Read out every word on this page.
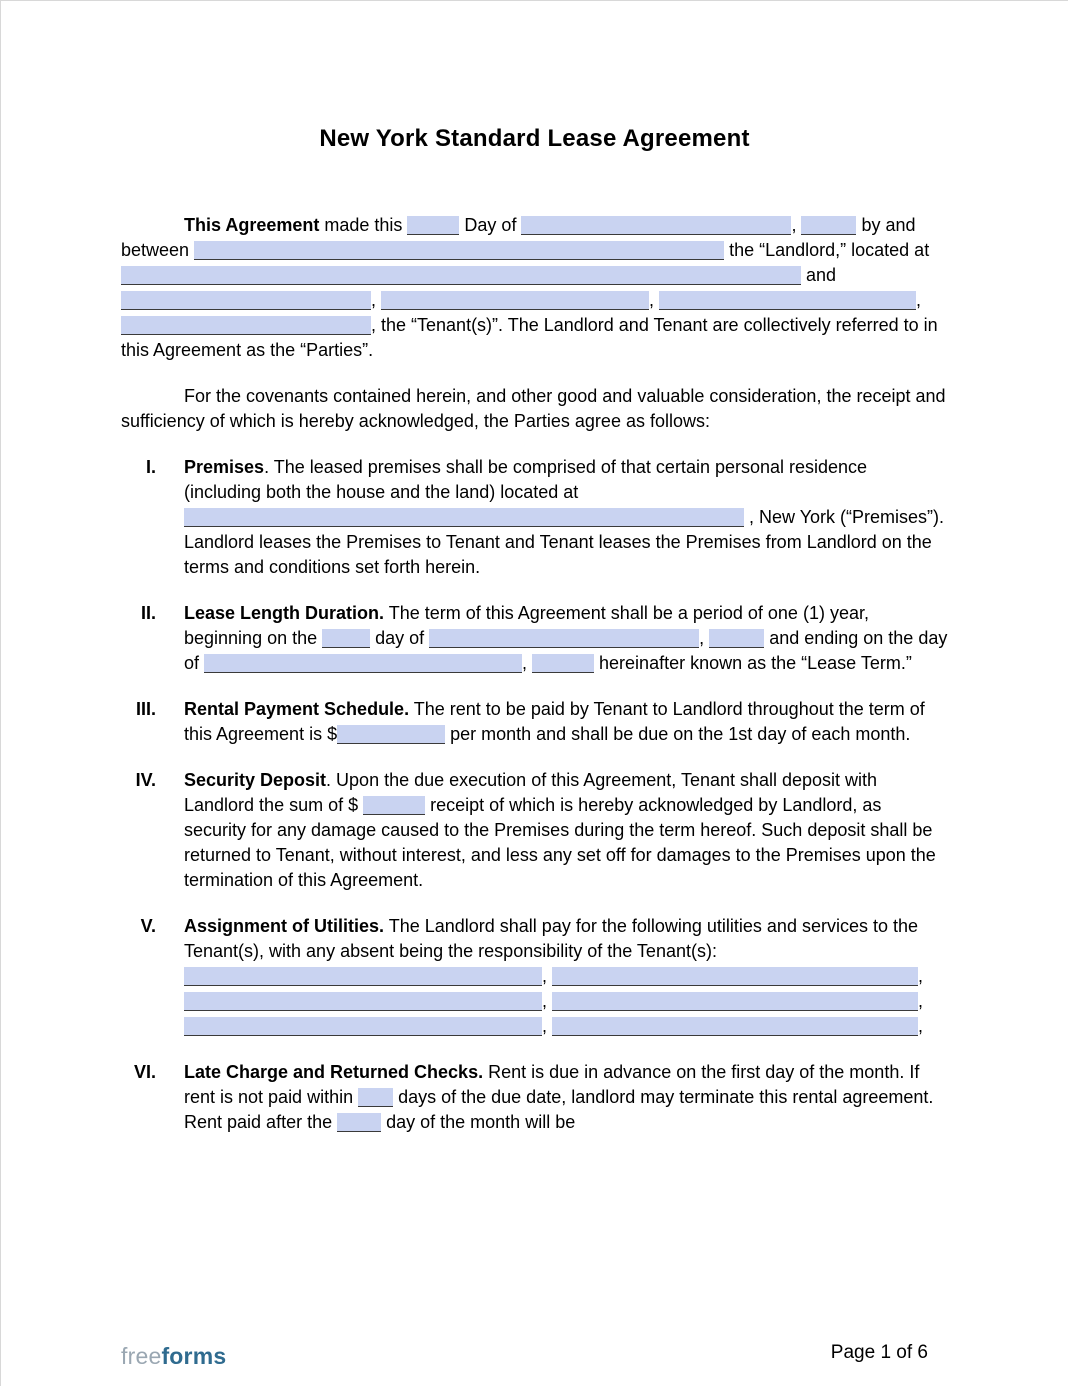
New York Standard Lease Agreement
This Agreement made this	Day of	,	by and between	the “Landlord,” located at  and ,	,	, , the “Tenant(s)”. The Landlord and Tenant are collectively referred to in this Agreement as the “Parties”.
For the covenants contained herein, and other good and valuable consideration, the receipt and sufficiency of which is hereby acknowledged, the Parties agree as follows:
I. Premises. The leased premises shall be comprised of that certain personal residence (including both the house and the land) located at  , New York (“Premises”). Landlord leases the Premises to Tenant and Tenant leases the Premises from Landlord on the terms and conditions set forth herein.
II. Lease Length Duration. The term of this Agreement shall be a period of one (1) year, beginning on the	day of	,	and ending on the day of	,	hereinafter known as the “Lease Term.”
III. Rental Payment Schedule. The rent to be paid by Tenant to Landlord throughout the term of this Agreement is $	per month and shall be due on the 1st day of each month.
IV. Security Deposit. Upon the due execution of this Agreement, Tenant shall deposit with Landlord the sum of $	receipt of which is hereby acknowledged by Landlord, as security for any damage caused to the Premises during the term hereof. Such deposit shall be returned to Tenant, without interest, and less any set off for damages to the Premises upon the termination of this Agreement.
V. Assignment of Utilities. The Landlord shall pay for the following utilities and services to the Tenant(s), with any absent being the responsibility of the Tenant(s):
,	,
,	,
,	,
VI. Late Charge and Returned Checks. Rent is due in advance on the first day of the month. If rent is not paid within  days of the due date, landlord may terminate this rental agreement. Rent paid after the  day of the month will be
freeforms	Page 1 of 6
